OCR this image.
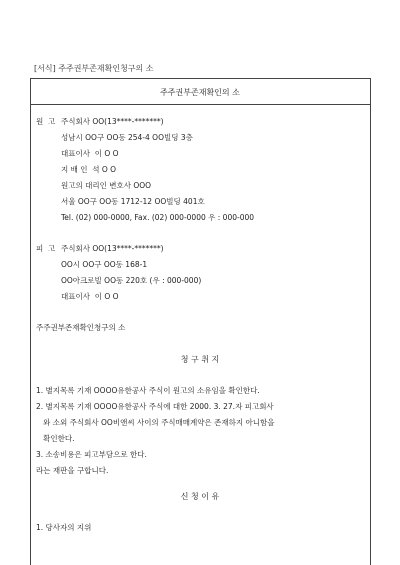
[서식] 주주권부존재확인청구의 소
주주권부존재확인의 소
원  고 주식회사 OO(13****-*******)
성남시 OO구 OO동 254-4 OO빌딩 3층
대표이사  이 O O
지 배 인  석 O O
원고의 대리인 변호사 OOO
서울 OO구 OO동 1712-12 OO빌딩 401호
Tel. (02) 000-0000, Fax. (02) 000-0000 우 : 000-000
피  고 주식회사 OO(13****-*******)
OO시 OO구 OO동 168-1
OO아크로빌 OO동 220호 (우 : 000-000)
대표이사  이 O O
주주권부존재확인청구의 소
청 구 취 지
1. 별지목록 기재 OOOO유한공사 주식이 원고의 소유임을 확인한다.
2. 별지목록 기재 OOOO유한공사 주식에 대한 2000. 3. 27.자 피고회사
와 소외 주식회사 OO비앤씨 사이의 주식매매계약은 존재하지 아니함을
확인한다.
3. 소송비용은 피고부담으로 한다.
라는 재판을 구합니다.
신 청 이 유
1. 당사자의 지위
